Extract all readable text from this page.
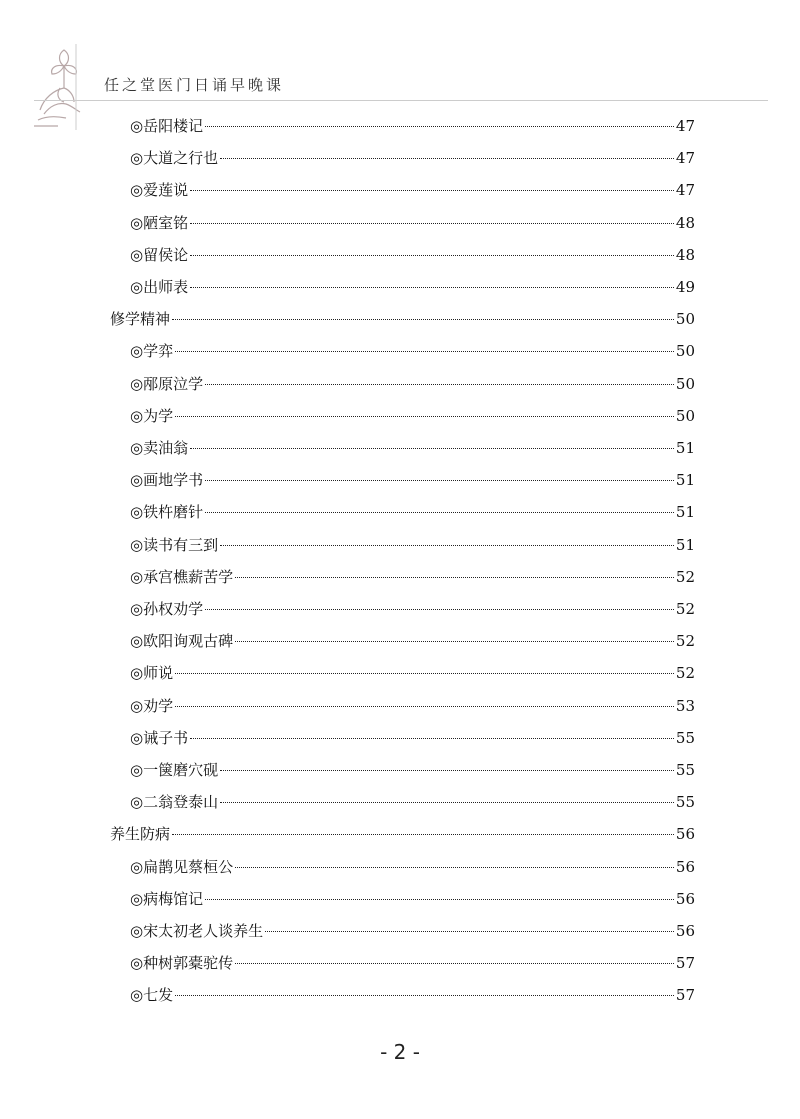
任之堂医门日诵早晚课
◎岳阳楼记	47
◎大道之行也	47
◎爱莲说	47
◎陋室铭	48
◎留侯论	48
◎出师表	49
修学精神	50
◎学弈	50
◎邴原泣学	50
◎为学	50
◎卖油翁	51
◎画地学书	51
◎铁杵磨针	51
◎读书有三到	51
◎承宫樵薪苦学	52
◎孙权劝学	52
◎欧阳询观古碑	52
◎师说	52
◎劝学	53
◎诫子书	55
◎一箧磨穴砚	55
◎二翁登泰山	55
养生防病	56
◎扁鹊见蔡桓公	56
◎病梅馆记	56
◎宋太初老人谈养生	56
◎种树郭橐驼传	57
◎七发	57
- 2 -
